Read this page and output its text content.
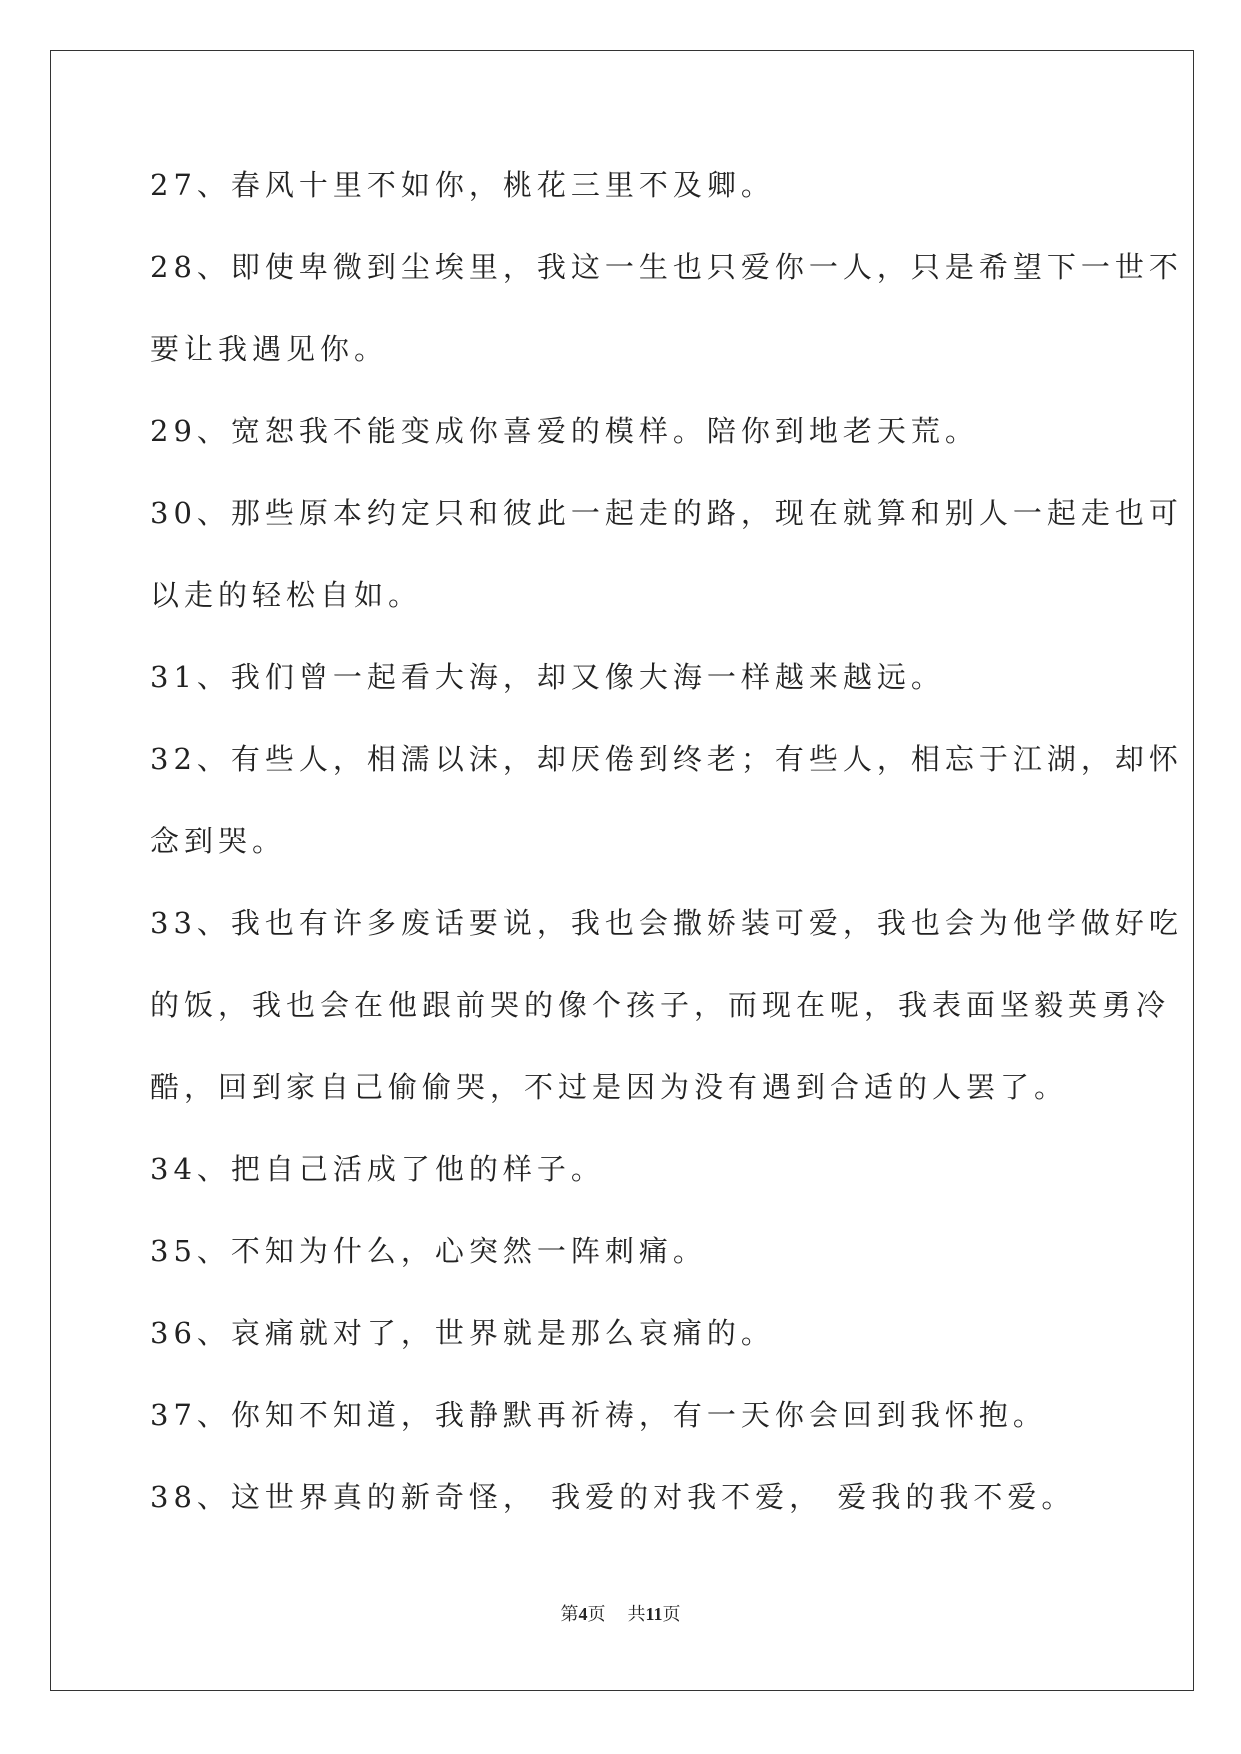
27、春风十里不如你，桃花三里不及卿。
28、即使卑微到尘埃里，我这一生也只爱你一人，只是希望下一世不
要让我遇见你。
29、宽恕我不能变成你喜爱的模样。陪你到地老天荒。
30、那些原本约定只和彼此一起走的路，现在就算和别人一起走也可
以走的轻松自如。
31、我们曾一起看大海，却又像大海一样越来越远。
32、有些人，相濡以沫，却厌倦到终老；有些人，相忘于江湖，却怀
念到哭。
33、我也有许多废话要说，我也会撒娇装可爱，我也会为他学做好吃
的饭，我也会在他跟前哭的像个孩子，而现在呢，我表面坚毅英勇冷
酷，回到家自己偷偷哭，不过是因为没有遇到合适的人罢了。
34、把自己活成了他的样子。
35、不知为什么，心突然一阵刺痛。
36、哀痛就对了，世界就是那么哀痛的。
37、你知不知道，我静默再祈祷，有一天你会回到我怀抱。
38、这世界真的新奇怪， 我爱的对我不爱， 爱我的我不爱。
第4页 共11页
